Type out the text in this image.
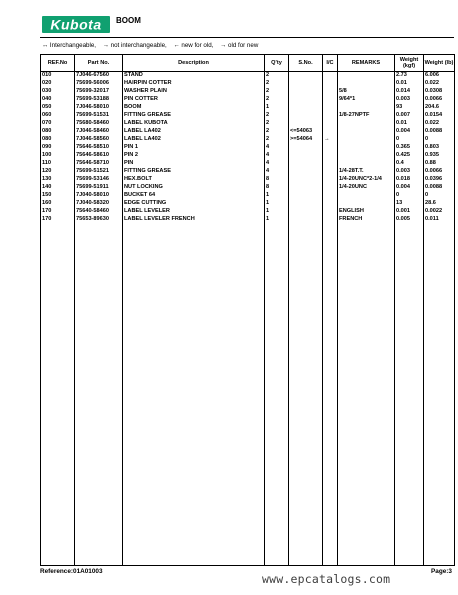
Kubota BOOM
↔ Interchangeable, → not interchangeable, ← new for old, → old for new
REF.No	Part No.	Description	Q'ty	S.No.	I/C	REMARKS	Weight (kgf)	Weight (lb)
010	7J046-67560	STAND	2				2.73	6.006
020	75699-56006	HAIRPIN COTTER	2				0.01	0.022
030	75699-32017	WASHER PLAIN	2			5/8	0.014	0.0308
040	75699-53188	PIN COTTER	2			9/64*1	0.003	0.0066
050	7J046-58010	BOOM	1				93	204.6
060	75699-51531	FITTING GREASE	2			1/8-27NPTF	0.007	0.0154
070	75680-58460	LABEL KUBOTA	2				0.01	0.022
080	7J046-58460	LABEL LA402	2	<=54063			0.004	0.0088
080	7J046-58560	LABEL LA402	2	>=54064	→		0	0
090	75646-58510	PIN 1	4				0.365	0.803
100	75646-58610	PIN 2	4				0.425	0.935
110	75646-58710	PIN	4				0.4	0.88
120	75699-51521	FITTING GREASE	4			1/4-28T.T.	0.003	0.0066
130	75699-53146	HEX.BOLT	8			1/4-20UNC*2-1/4	0.018	0.0396
140	75699-51911	NUT LOCKING	8			1/4-20UNC	0.004	0.0088
150	7J040-58010	BUCKET 64	1				0	0
160	7J040-58320	EDGE CUTTING	1				13	28.6
170	75640-58460	LABEL LEVELER	1			ENGLISH	0.001	0.0022
170	75653-89630	LABEL LEVELER FRENCH	1			FRENCH	0.005	0.011

Reference:01A01003	Page:3
www.epcatalogs.com
